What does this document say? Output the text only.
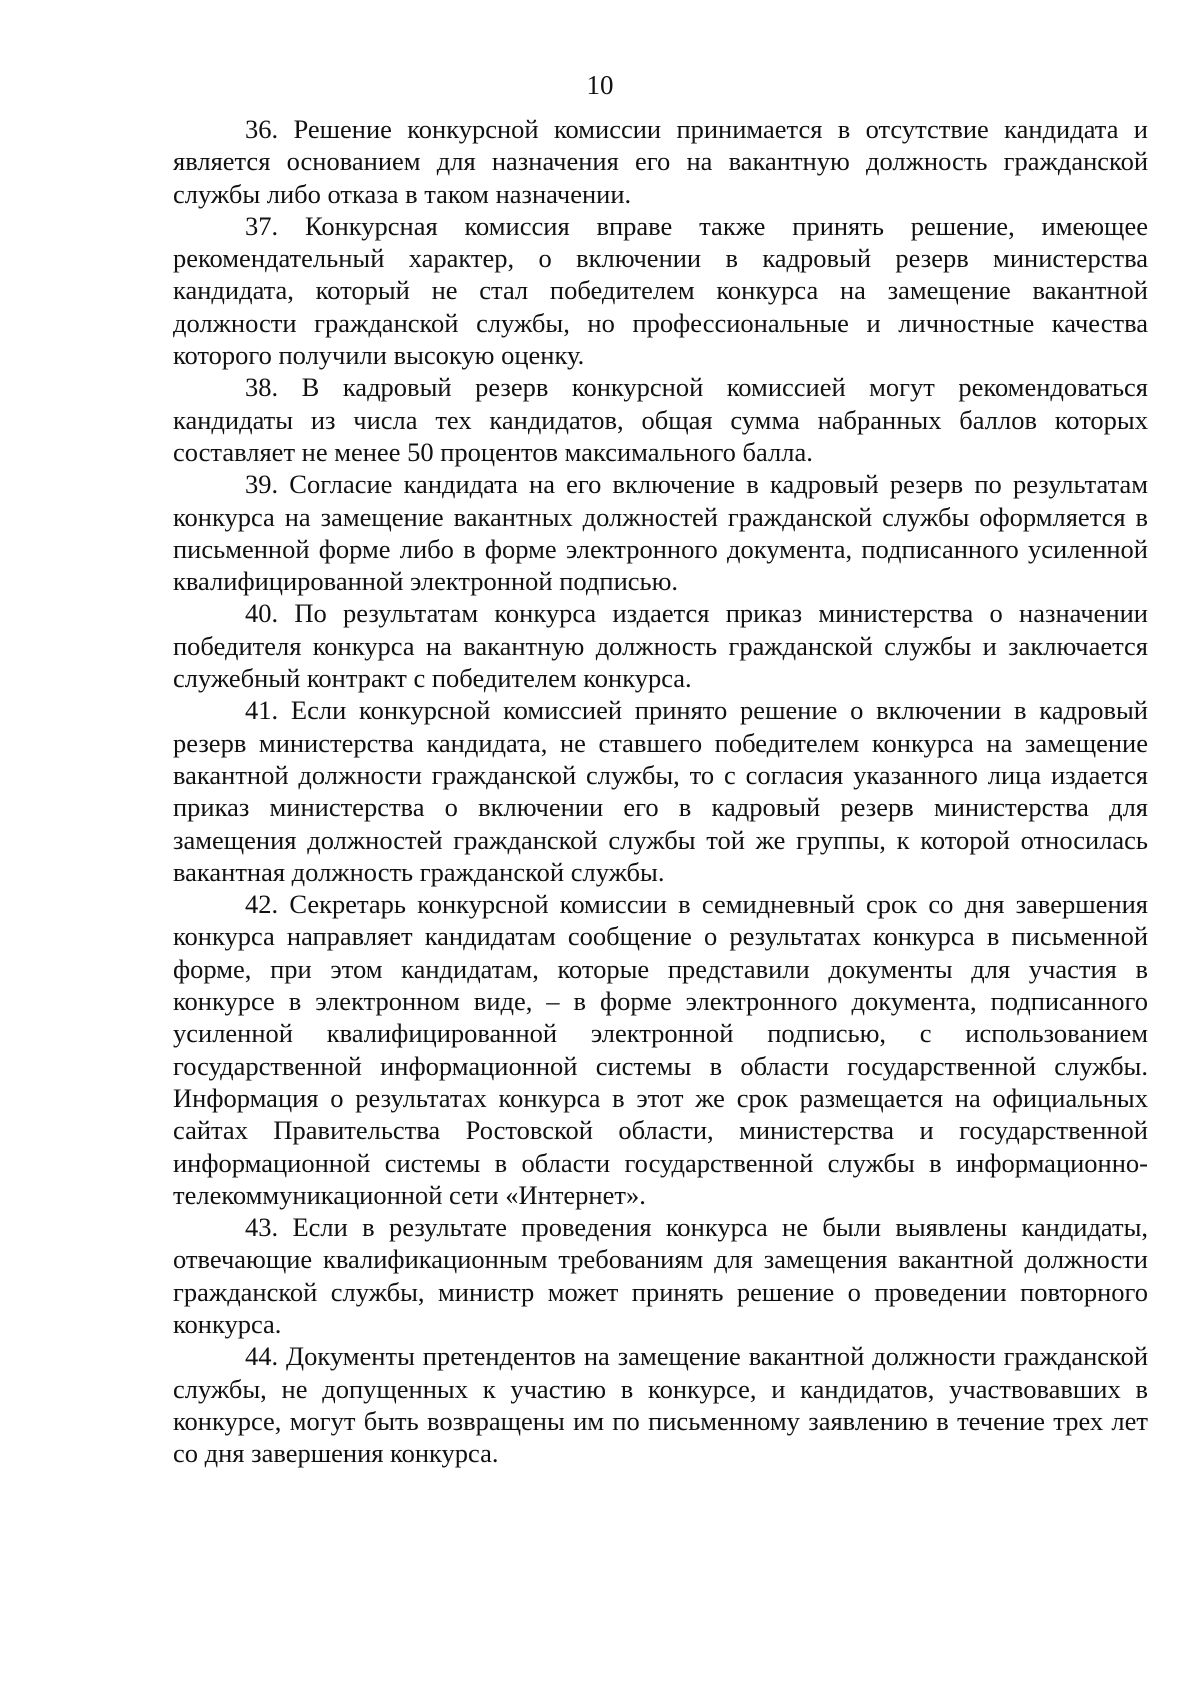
10

36. Решение конкурсной комиссии принимается в отсутствие кандидата и является основанием для назначения его на вакантную должность гражданской службы либо отказа в таком назначении.

37. Конкурсная комиссия вправе также принять решение, имеющее рекомендательный характер, о включении в кадровый резерв министерства кандидата, который не стал победителем конкурса на замещение вакантной должности гражданской службы, но профессиональные и личностные качества которого получили высокую оценку.

38. В кадровый резерв конкурсной комиссией могут рекомендоваться кандидаты из числа тех кандидатов, общая сумма набранных баллов которых составляет не менее 50 процентов максимального балла.

39. Согласие кандидата на его включение в кадровый резерв по результатам конкурса на замещение вакантных должностей гражданской службы оформляется в письменной форме либо в форме электронного документа, подписанного усиленной квалифицированной электронной подписью.

40. По результатам конкурса издается приказ министерства о назначении победителя конкурса на вакантную должность гражданской службы и заключается служебный контракт с победителем конкурса.

41. Если конкурсной комиссией принято решение о включении в кадровый резерв министерства кандидата, не ставшего победителем конкурса на замещение вакантной должности гражданской службы, то с согласия указанного лица издается приказ министерства о включении его в кадровый резерв министерства для замещения должностей гражданской службы той же группы, к которой относилась вакантная должность гражданской службы.

42. Секретарь конкурсной комиссии в семидневный срок со дня завершения конкурса направляет кандидатам сообщение о результатах конкурса в письменной форме, при этом кандидатам, которые представили документы для участия в конкурсе в электронном виде, – в форме электронного документа, подписанного усиленной квалифицированной электронной подписью, с использованием государственной информационной системы в области государственной службы. Информация о результатах конкурса в этот же срок размещается на официальных сайтах Правительства Ростовской области, министерства и государственной информационной системы в области государственной службы в информационно-телекоммуникационной сети «Интернет».

43. Если в результате проведения конкурса не были выявлены кандидаты, отвечающие квалификационным требованиям для замещения вакантной должности гражданской службы, министр может принять решение о проведении повторного конкурса.

44. Документы претендентов на замещение вакантной должности гражданской службы, не допущенных к участию в конкурсе, и кандидатов, участвовавших в конкурсе, могут быть возвращены им по письменному заявлению в течение трех лет со дня завершения конкурса.
